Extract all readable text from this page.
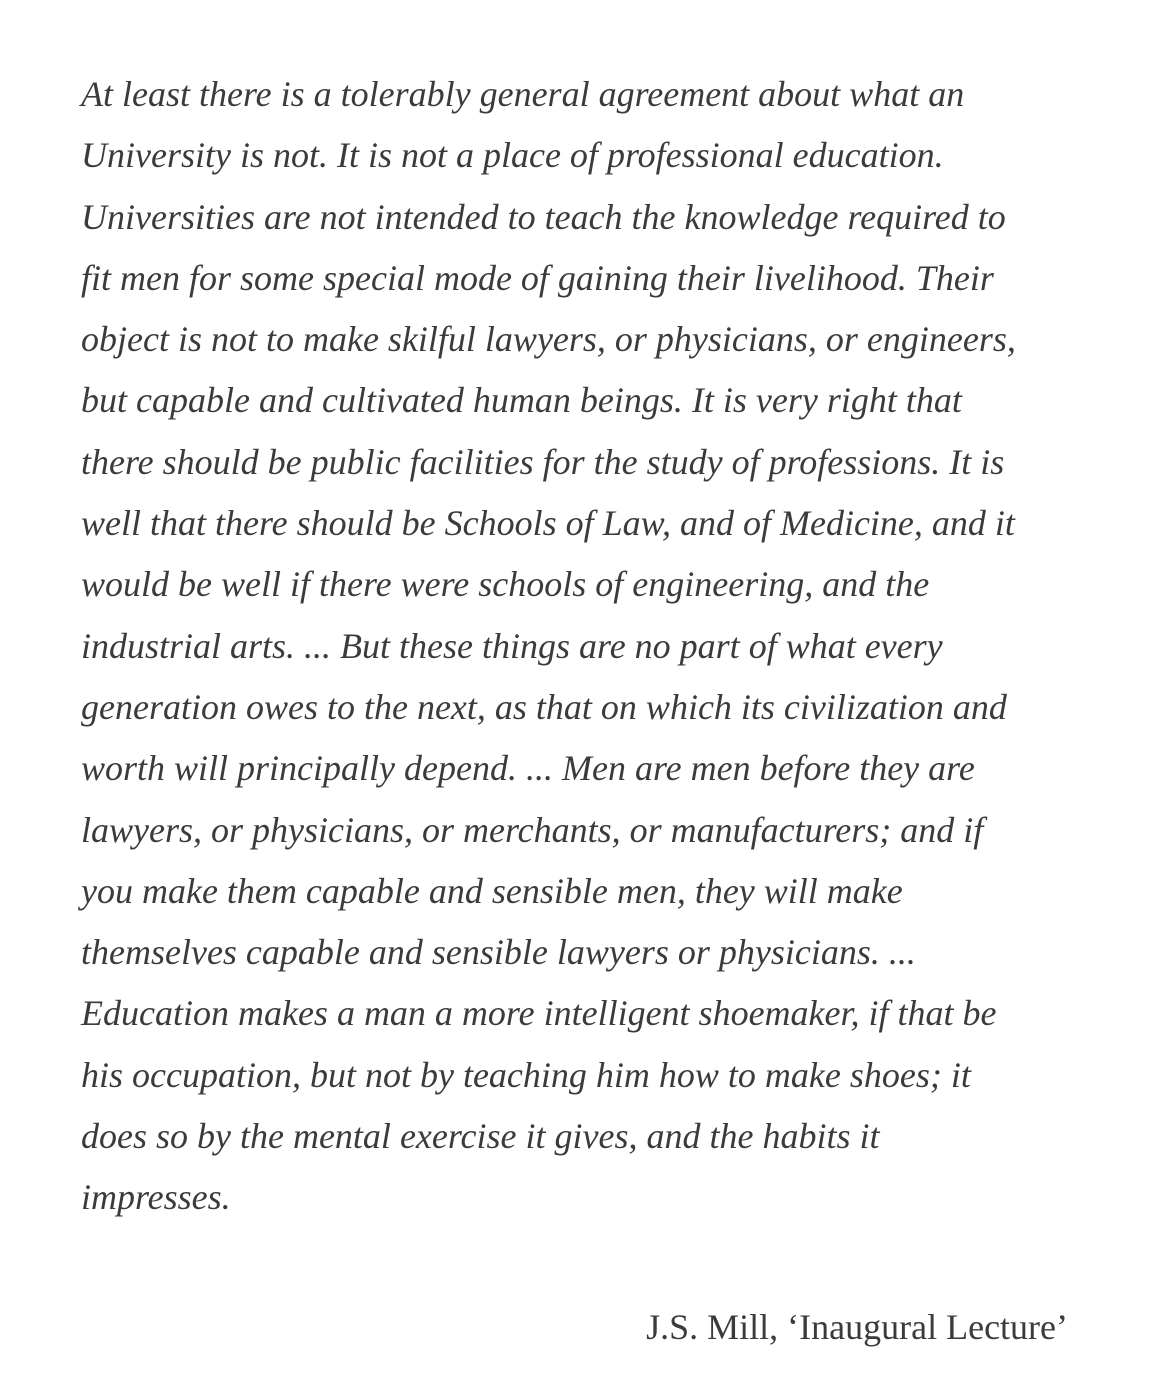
At least there is a tolerably general agreement about what an
University is not. It is not a place of professional education.
Universities are not intended to teach the knowledge required to
fit men for some special mode of gaining their livelihood. Their
object is not to make skilful lawyers, or physicians, or engineers,
but capable and cultivated human beings. It is very right that
there should be public facilities for the study of professions. It is
well that there should be Schools of Law, and of Medicine, and it
would be well if there were schools of engineering, and the
industrial arts. ... But these things are no part of what every
generation owes to the next, as that on which its civilization and
worth will principally depend. ... Men are men before they are
lawyers, or physicians, or merchants, or manufacturers; and if
you make them capable and sensible men, they will make
themselves capable and sensible lawyers or physicians. ...
Education makes a man a more intelligent shoemaker, if that be
his occupation, but not by teaching him how to make shoes; it
does so by the mental exercise it gives, and the habits it
impresses.

J.S. Mill, ‘Inaugural Lecture’
